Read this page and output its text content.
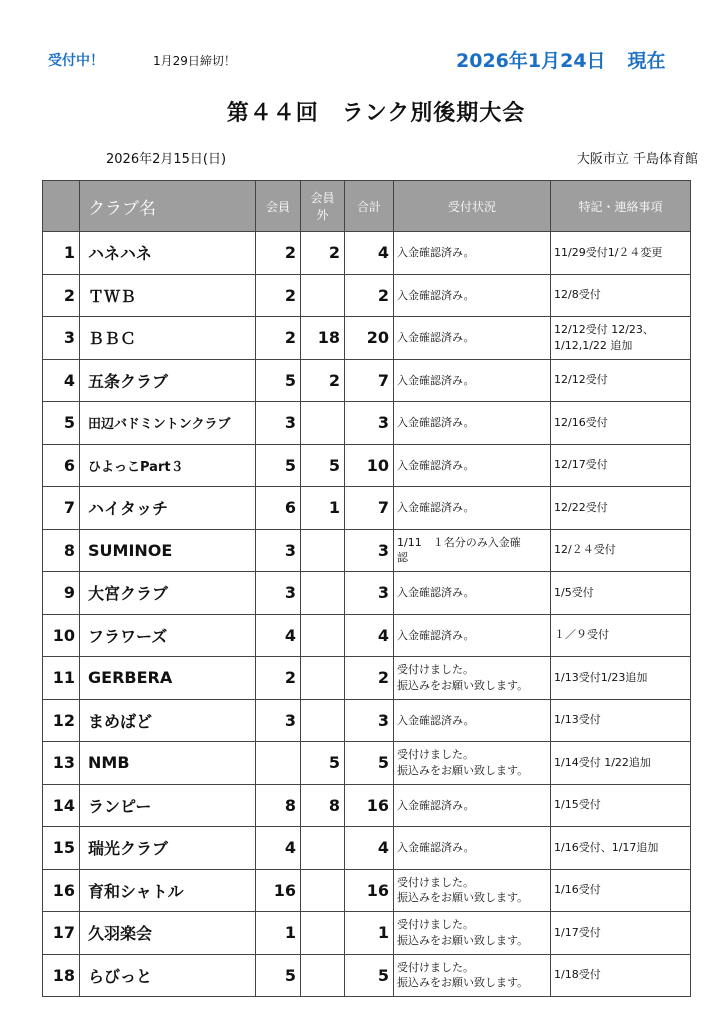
受付中！	1月29日締切！	2026年1月24日 現在
第４４回　ランク別後期大会
2026年2月15日(日)	大阪市立 千島体育館
	クラブ名	会員	会員
外	合計	受付状況	特記・連絡事項
1	ハネハネ	2	2	4	入金確認済み。	11/29受付1/２４変更
2	ＴＷＢ	2		2	入金確認済み。	12/8受付
3	ＢＢＣ	2	18	20	入金確認済み。	12/12受付 12/23、
1/12,1/22 追加
4	五条クラブ	5	2	7	入金確認済み。	12/12受付
5	田辺バドミントンクラブ	3		3	入金確認済み。	12/16受付
6	ひよっこPart３	5	5	10	入金確認済み。	12/17受付
7	ハイタッチ	6	1	7	入金確認済み。	12/22受付
8	SUMINOE	3		3	1/11　１名分のみ入金確
認	12/２４受付
9	大宮クラブ	3		3	入金確認済み。	1/5受付
10	フラワーズ	4		4	入金確認済み。	１／９受付
11	GERBERA	2		2	受付けました。
振込みをお願い致します。	1/13受付1/23追加
12	まめばど	3		3	入金確認済み。	1/13受付
13	NMB		5	5	受付けました。
振込みをお願い致します。	1/14受付 1/22追加
14	ランピー	8	8	16	入金確認済み。	1/15受付
15	瑞光クラブ	4		4	入金確認済み。	1/16受付、1/17追加
16	育和シャトル	16		16	受付けました。
振込みをお願い致します。	1/16受付
17	久羽楽会	1		1	受付けました。
振込みをお願い致します。	1/17受付
18	らびっと	5		5	受付けました。
振込みをお願い致します。	1/18受付
